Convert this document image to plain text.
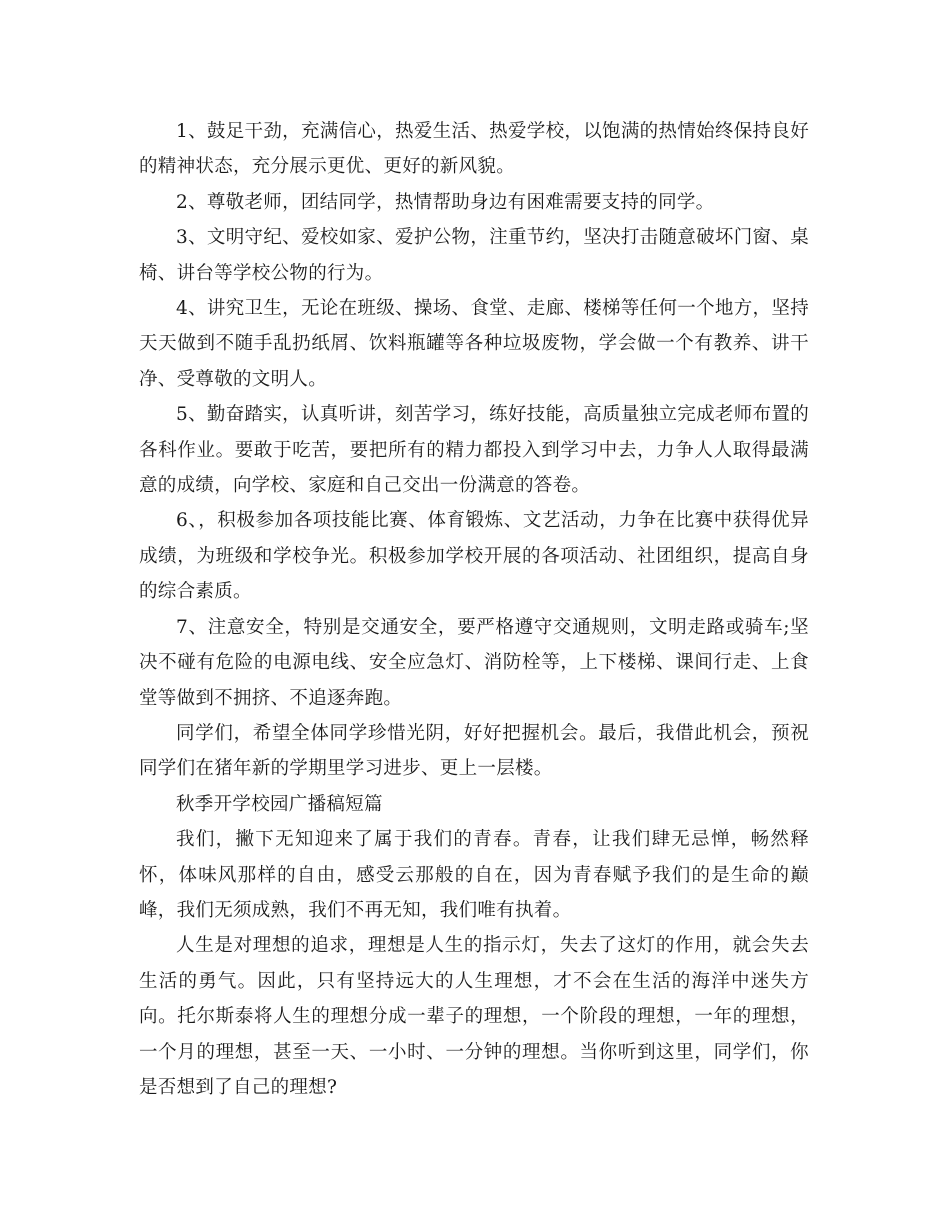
1、鼓足干劲，充满信心，热爱生活、热爱学校，以饱满的热情始终保持良好的精神状态，充分展示更优、更好的新风貌。

2、尊敬老师，团结同学，热情帮助身边有困难需要支持的同学。

3、文明守纪、爱校如家、爱护公物，注重节约，坚决打击随意破坏门窗、桌椅、讲台等学校公物的行为。

4、讲究卫生，无论在班级、操场、食堂、走廊、楼梯等任何一个地方，坚持天天做到不随手乱扔纸屑、饮料瓶罐等各种垃圾废物，学会做一个有教养、讲干净、受尊敬的文明人。

5、勤奋踏实，认真听讲，刻苦学习，练好技能，高质量独立完成老师布置的各科作业。要敢于吃苦，要把所有的精力都投入到学习中去，力争人人取得最满意的成绩，向学校、家庭和自己交出一份满意的答卷。

6、，积极参加各项技能比赛、体育锻炼、文艺活动，力争在比赛中获得优异成绩，为班级和学校争光。积极参加学校开展的各项活动、社团组织，提高自身的综合素质。

7、注意安全，特别是交通安全，要严格遵守交通规则，文明走路或骑车;坚决不碰有危险的电源电线、安全应急灯、消防栓等，上下楼梯、课间行走、上食堂等做到不拥挤、不追逐奔跑。

同学们，希望全体同学珍惜光阴，好好把握机会。最后，我借此机会，预祝同学们在猪年新的学期里学习进步、更上一层楼。

秋季开学校园广播稿短篇

我们，撇下无知迎来了属于我们的青春。青春，让我们肆无忌惮，畅然释怀，体味风那样的自由，感受云那般的自在，因为青春赋予我们的是生命的巅峰，我们无须成熟，我们不再无知，我们唯有执着。

人生是对理想的追求，理想是人生的指示灯，失去了这灯的作用，就会失去生活的勇气。因此，只有坚持远大的人生理想，才不会在生活的海洋中迷失方向。托尔斯泰将人生的理想分成一辈子的理想，一个阶段的理想，一年的理想，一个月的理想，甚至一天、一小时、一分钟的理想。当你听到这里，同学们，你是否想到了自己的理想?
